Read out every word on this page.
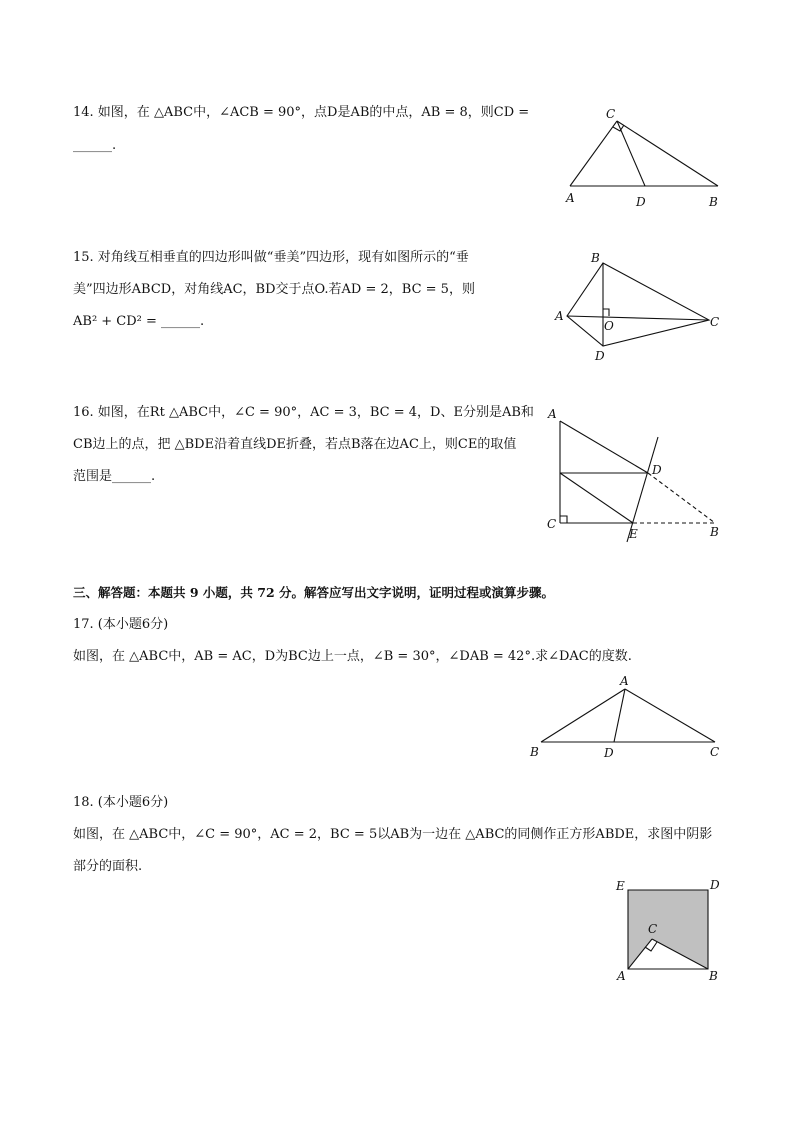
14. 如图，在 △ABC中，∠ACB = 90°，点D是AB的中点，AB = 8，则CD =
______.
C
A	D	B
15. 对角线互相垂直的四边形叫做“垂美”四边形，现有如图所示的“垂
美”四边形ABCD，对角线AC，BD交于点O.若AD = 2，BC = 5，则
AB² + CD² = ______.
B
A
O	C
D
16. 如图，在Rt △ABC中，∠C = 90°，AC = 3，BC = 4，D、E分别是AB和
CB边上的点，把 △BDE沿着直线DE折叠，若点B落在边AC上，则CE的取值
范围是______.
A
D
C
E	B
三、解答题：本题共 9 小题，共 72 分。解答应写出文字说明，证明过程或演算步骤。
17. (本小题6分)
如图，在 △ABC中，AB = AC，D为BC边上一点，∠B = 30°，∠DAB = 42°.求∠DAC的度数.
A
B	D	C
18. (本小题6分)
如图，在 △ABC中，∠C = 90°，AC = 2，BC = 5以AB为一边在 △ABC的同侧作正方形ABDE，求图中阴影
部分的面积.
E	D
C
A	B
